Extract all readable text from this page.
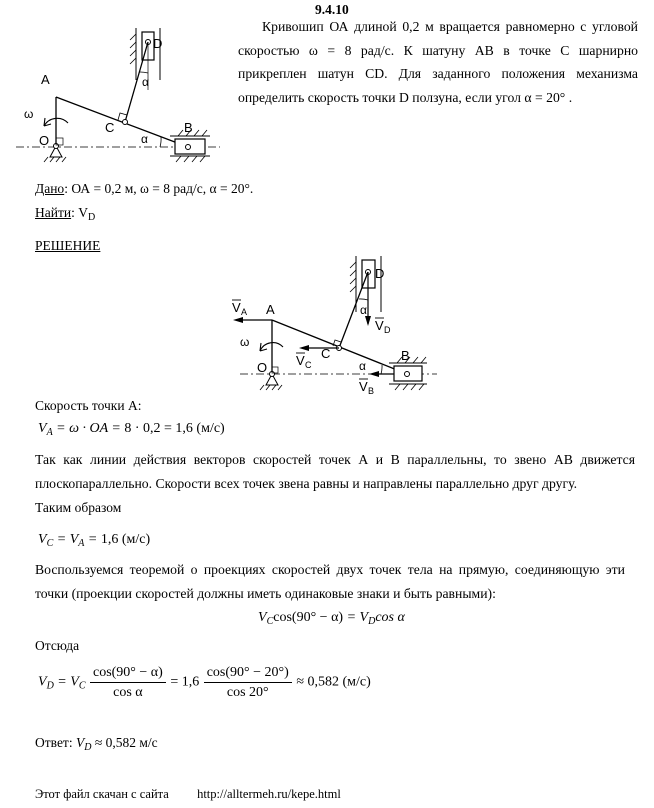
9.4.10
Кривошип ОА длиной 0,2 м вращается равномерно с угловой скоростью ω = 8 рад/с. К шатуну АВ в точке С шарнирно прикреплен шатун CD. Для заданного положения механизма определить скорость точки D ползуна, если угол α = 20° .
A
D
C	B
O
ω
α
α
Дано: ОА = 0,2 м, ω = 8 рад/с, α = 20°.
Найти: $V_D$
РЕШЕНИЕ
A
D
C	B
O
ω
α
α
V A
V C
V B
V D
Скорость точки А:
$V_A = \omega$ · OA = 8 · 0,2 = 1,6 (м/с)
Так как линии действия векторов скоростей точек А и В параллельны, то звено АВ движется плоскопараллельно. Скорости всех точек звена равны и направлены параллельно друг другу.
Таким образом
$V_C = V_A = 1,6$ (м/с)
Воспользуемся теоремой о проекциях скоростей двух точек тела на прямую, соединяющую эти точки (проекции скоростей должны иметь одинаковые знаки и быть равными):
$V_C\cos(90^\circ - \alpha) = V_D\cos$ α
Отсюда
$V_D = V_C \frac{\cos(90^\circ - \alpha)}{\text{cos α}} = 1,6 \frac{\cos(90^\circ - 20^\circ)}{\cos 20^\circ} \approx 0,582$ (м/с)
Ответ: $V_D \approx 0,582$ м/с
Этот файл скачан с сайта http://alltermeh.ru/kepe.html
